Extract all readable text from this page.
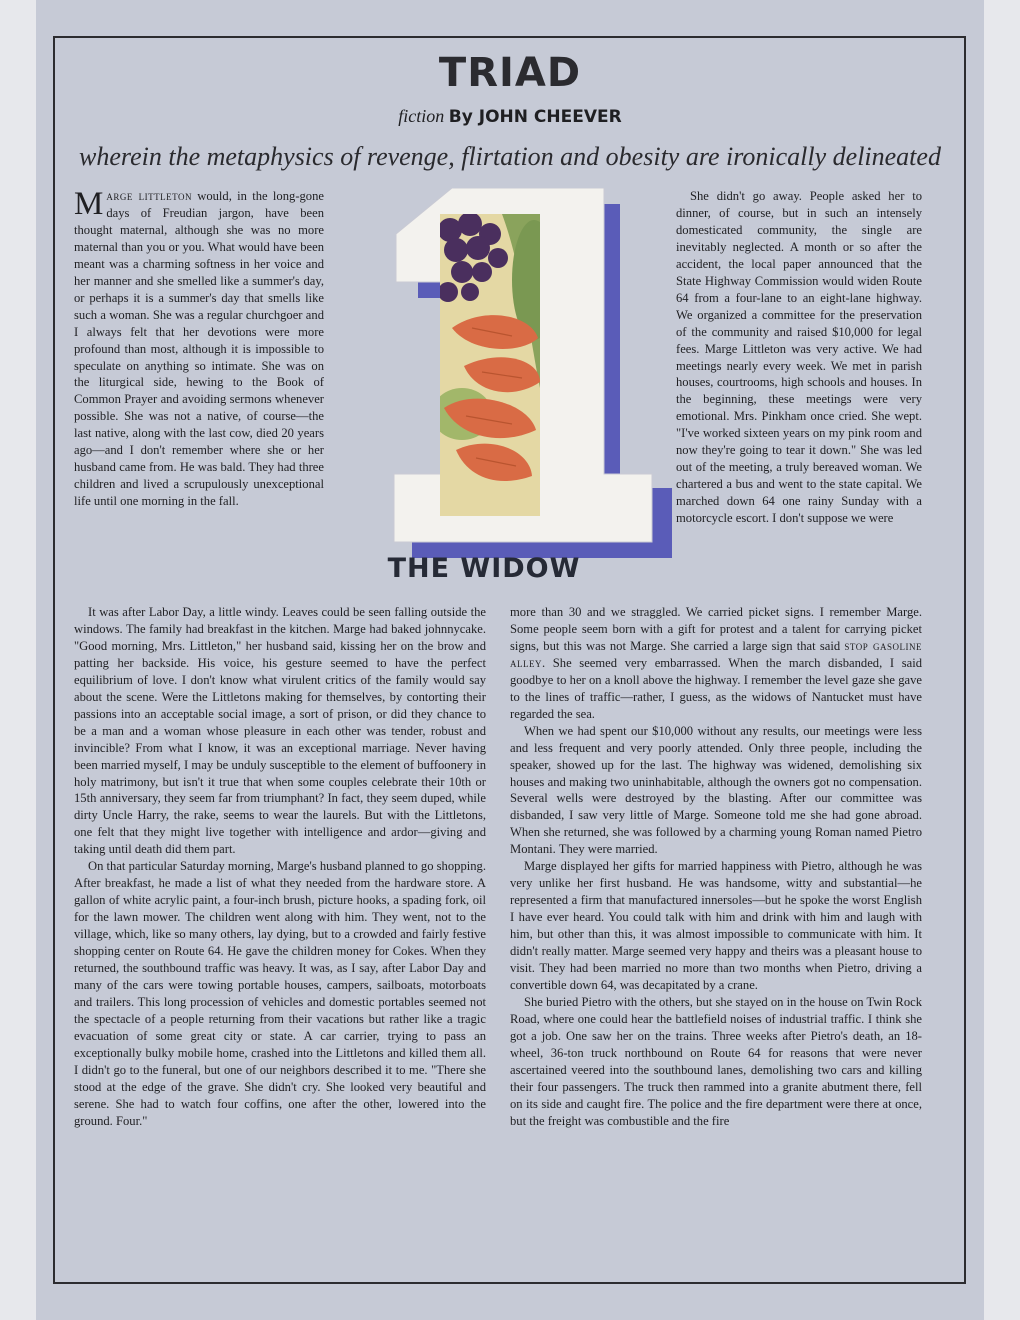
TRIAD
fiction By JOHN CHEEVER
wherein the metaphysics of revenge, flirtation and obesity are ironically delineated
THE WIDOW

Marge littleton would, in the long-gone days of Freudian jargon, have been thought maternal, although she was no more maternal than you or you. What would have been meant was a charming softness in her voice and her manner and she smelled like a summer's day, or perhaps it is a summer's day that smells like such a woman. She was a regular churchgoer and I always felt that her devotions were more profound than most, although it is impossible to speculate on anything so intimate. She was on the liturgical side, hewing to the Book of Common Prayer and avoiding sermons whenever possible. She was not a native, of course—the last native, along with the last cow, died 20 years ago—and I don't remember where she or her husband came from. He was bald. They had three children and lived a scrupulously unexceptional life until one morning in the fall.

She didn't go away. People asked her to dinner, of course, but in such an intensely domesticated community, the single are inevitably neglected. A month or so after the accident, the local paper announced that the State Highway Commission would widen Route 64 from a four-lane to an eight-lane highway. We organized a committee for the preservation of the community and raised $10,000 for legal fees. Marge Littleton was very active. We had meetings nearly every week. We met in parish houses, courtrooms, high schools and houses. In the beginning, these meetings were very emotional. Mrs. Pinkham once cried. She wept. "I've worked sixteen years on my pink room and now they're going to tear it down." She was led out of the meeting, a truly bereaved woman. We chartered a bus and went to the state capital. We marched down 64 one rainy Sunday with a motorcycle escort. I don't suppose we were

It was after Labor Day, a little windy. Leaves could be seen falling outside the windows. The family had breakfast in the kitchen. Marge had baked johnnycake. "Good morning, Mrs. Littleton," her husband said, kissing her on the brow and patting her backside. His voice, his gesture seemed to have the perfect equilibrium of love. I don't know what virulent critics of the family would say about the scene. Were the Littletons making for themselves, by contorting their passions into an acceptable social image, a sort of prison, or did they chance to be a man and a woman whose pleasure in each other was tender, robust and invincible? From what I know, it was an exceptional marriage. Never having been married myself, I may be unduly susceptible to the element of buffoonery in holy matrimony, but isn't it true that when some couples celebrate their 10th or 15th anniversary, they seem far from triumphant? In fact, they seem duped, while dirty Uncle Harry, the rake, seems to wear the laurels. But with the Littletons, one felt that they might live together with intelligence and ardor—giving and taking until death did them part.

On that particular Saturday morning, Marge's husband planned to go shopping. After breakfast, he made a list of what they needed from the hardware store. A gallon of white acrylic paint, a four-inch brush, picture hooks, a spading fork, oil for the lawn mower. The children went along with him. They went, not to the village, which, like so many others, lay dying, but to a crowded and fairly festive shopping center on Route 64. He gave the children money for Cokes. When they returned, the southbound traffic was heavy. It was, as I say, after Labor Day and many of the cars were towing portable houses, campers, sailboats, motorboats and trailers. This long procession of vehicles and domestic portables seemed not the spectacle of a people returning from their vacations but rather like a tragic evacuation of some great city or state. A car carrier, trying to pass an exceptionally bulky mobile home, crashed into the Littletons and killed them all. I didn't go to the funeral, but one of our neighbors described it to me. "There she stood at the edge of the grave. She didn't cry. She looked very beautiful and serene. She had to watch four coffins, one after the other, lowered into the ground. Four."

more than 30 and we straggled. We carried picket signs. I remember Marge. Some people seem born with a gift for protest and a talent for carrying picket signs, but this was not Marge. She carried a large sign that said stop gasoline alley. She seemed very embarrassed. When the march disbanded, I said goodbye to her on a knoll above the highway. I remember the level gaze she gave to the lines of traffic—rather, I guess, as the widows of Nantucket must have regarded the sea.

When we had spent our $10,000 without any results, our meetings were less and less frequent and very poorly attended. Only three people, including the speaker, showed up for the last. The highway was widened, demolishing six houses and making two uninhabitable, although the owners got no compensation. Several wells were destroyed by the blasting. After our committee was disbanded, I saw very little of Marge. Someone told me she had gone abroad. When she returned, she was followed by a charming young Roman named Pietro Montani. They were married.

Marge displayed her gifts for married happiness with Pietro, although he was very unlike her first husband. He was handsome, witty and substantial—he represented a firm that manufactured innersoles—but he spoke the worst English I have ever heard. You could talk with him and drink with him and laugh with him, but other than this, it was almost impossible to communicate with him. It didn't really matter. Marge seemed very happy and theirs was a pleasant house to visit. They had been married no more than two months when Pietro, driving a convertible down 64, was decapitated by a crane.

She buried Pietro with the others, but she stayed on in the house on Twin Rock Road, where one could hear the battlefield noises of industrial traffic. I think she got a job. One saw her on the trains. Three weeks after Pietro's death, an 18-wheel, 36-ton truck northbound on Route 64 for reasons that were never ascertained veered into the southbound lanes, demolishing two cars and killing their four passengers. The truck then rammed into a granite abutment there, fell on its side and caught fire. The police and the fire department were there at once, but the freight was combustible and the fire
